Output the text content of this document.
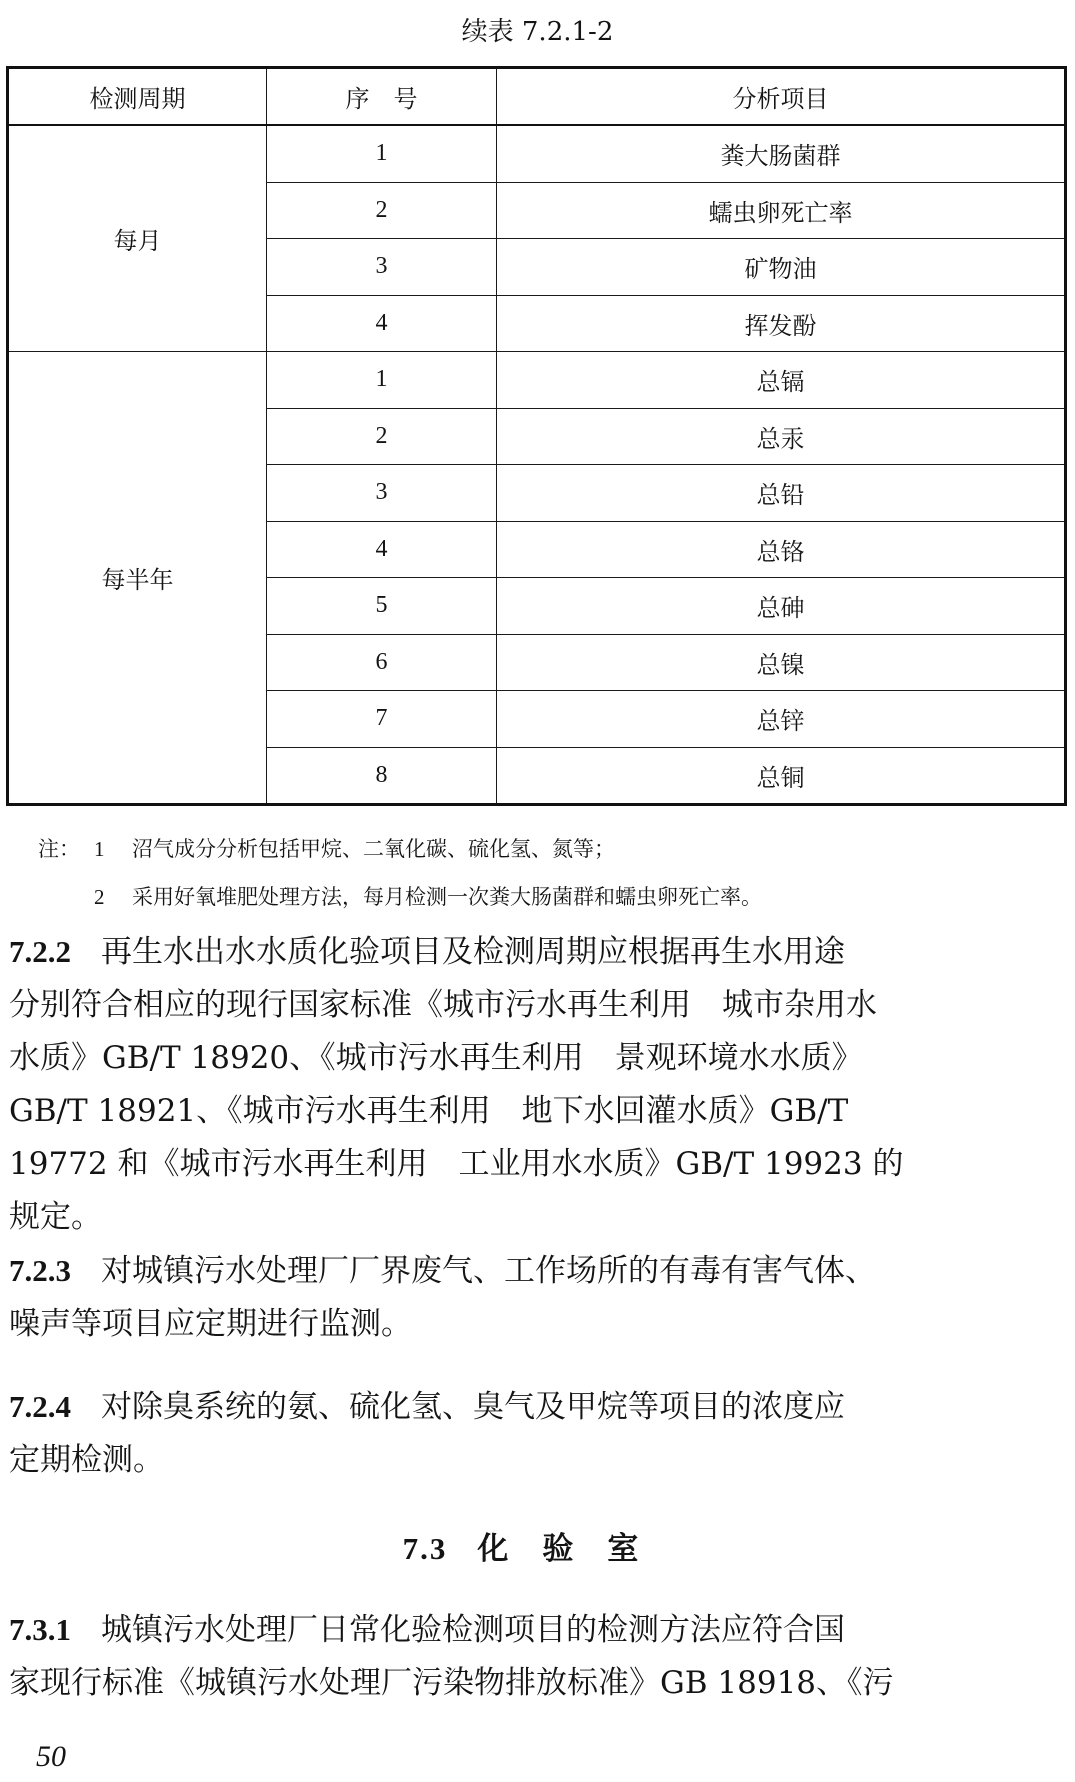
续表 7.2.1-2
检测周期	序　号	分析项目
每月	1	粪大肠菌群
	2	蠕虫卵死亡率
	3	矿物油
	4	挥发酚
每半年	1	总镉
	2	总汞
	3	总铅
	4	总铬
	5	总砷
	6	总镍
	7	总锌
	8	总铜
注： 1	沼气成分分析包括甲烷、二氧化碳、硫化氢、氮等；
2	采用好氧堆肥处理方法，每月检测一次粪大肠菌群和蠕虫卵死亡率。
7.2.2 再生水出水水质化验项目及检测周期应根据再生水用途
分别符合相应的现行国家标准《城市污水再生利用　城市杂用水
水质》GB/T 18920、《城市污水再生利用　景观环境水水质》
GB/T 18921、《城市污水再生利用　地下水回灌水质》GB/T
19772 和《城市污水再生利用　工业用水水质》GB/T 19923 的
规定。
7.2.3 对城镇污水处理厂厂界废气、工作场所的有毒有害气体、
噪声等项目应定期进行监测。
7.2.4 对除臭系统的氨、硫化氢、臭气及甲烷等项目的浓度应
定期检测。
7.3 化验室
7.3.1 城镇污水处理厂日常化验检测项目的检测方法应符合国
家现行标准《城镇污水处理厂污染物排放标准》GB 18918、《污
50
